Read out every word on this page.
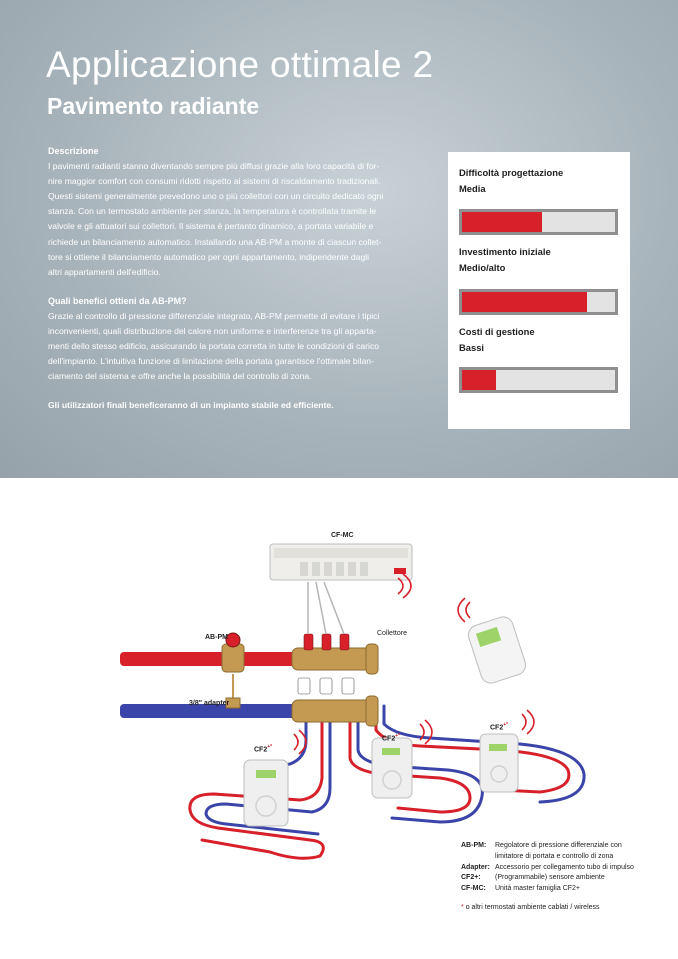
Applicazione ottimale 2
Pavimento radiante

Descrizione

I pavimenti radianti stanno diventando sempre più diffusi grazie alla loro capacità di for-

nire maggior comfort con consumi ridotti rispetto ai sistemi di riscaldamento tradizionali.

Questi sistemi generalmente prevedono uno o più collettori con un circuito dedicato ogni

stanza. Con un termostato ambiente per stanza, la temperatura è controllata tramite le

valvole e gli attuatori sui collettori. Il sistema è pertanto dinamico, a portata variabile e

richiede un bilanciamento automatico. Installando una AB-PM a monte di ciascun collet-

tore si ottiene il bilanciamento automatico per ogni appartamento, indipendente dagli

altri appartamenti dell'edificio.

Quali benefici ottieni da AB-PM?

Grazie al controllo di pressione differenziale integrato, AB-PM permette di evitare i tipici

inconvenienti, quali distribuzione del calore non uniforme e interferenze tra gli apparta-

menti dello stesso edificio, assicurando la portata corretta in tutte le condizioni di carico

dell'impianto. L'intuitiva funzione di limitazione della portata garantisce l'ottimale bilan-

ciamento del sistema e offre anche la possibilità del controllo di zona.

Gli utilizzatori finali beneficeranno di un impianto stabile ed efficiente.

Difficoltà progettazione
Media
Investimento iniziale
Medio/alto
Costi di gestione
Bassi
CF-MC
AB-PM
Collettore
3/8" adapter
CF2+*
CF2+*
CF2+*
AB-PM:	Regolatore di pressione differenziale con
limitatore di portata e controllo di zona
Adapter: Accessorio per collegamento tubo di impulso
CF2+:	(Programmabile) sensore ambiente
CF-MC:	Unità master famiglia CF2+
* o altri termostati ambiente cablati / wireless
